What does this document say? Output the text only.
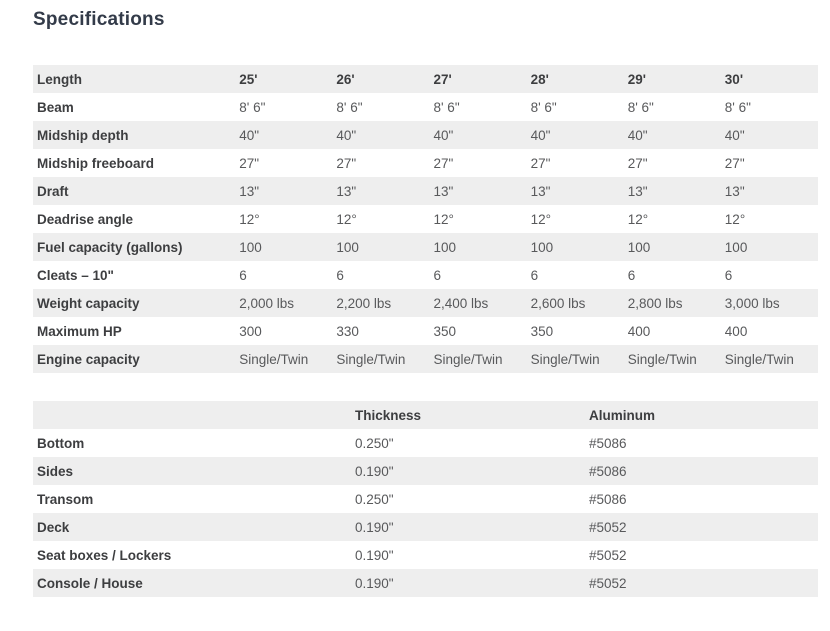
Specifications
Length	25'	26'	27'	28'	29'	30'
Beam	8' 6"	8' 6"	8' 6"	8' 6"	8' 6"	8' 6"
Midship depth	40"	40"	40"	40"	40"	40"
Midship freeboard	27"	27"	27"	27"	27"	27"
Draft	13"	13"	13"	13"	13"	13"
Deadrise angle	12°	12°	12°	12°	12°	12°
Fuel capacity (gallons)	100	100	100	100	100	100
Cleats – 10"	6	6	6	6	6	6
Weight capacity	2,000 lbs	2,200 lbs	2,400 lbs	2,600 lbs	2,800 lbs	3,000 lbs
Maximum HP	300	330	350	350	400	400
Engine capacity	Single/Twin	Single/Twin	Single/Twin	Single/Twin	Single/Twin	Single/Twin
	Thickness	Aluminum
Bottom	0.250"	#5086
Sides	0.190"	#5086
Transom	0.250"	#5086
Deck	0.190"	#5052
Seat boxes / Lockers	0.190"	#5052
Console / House	0.190"	#5052
